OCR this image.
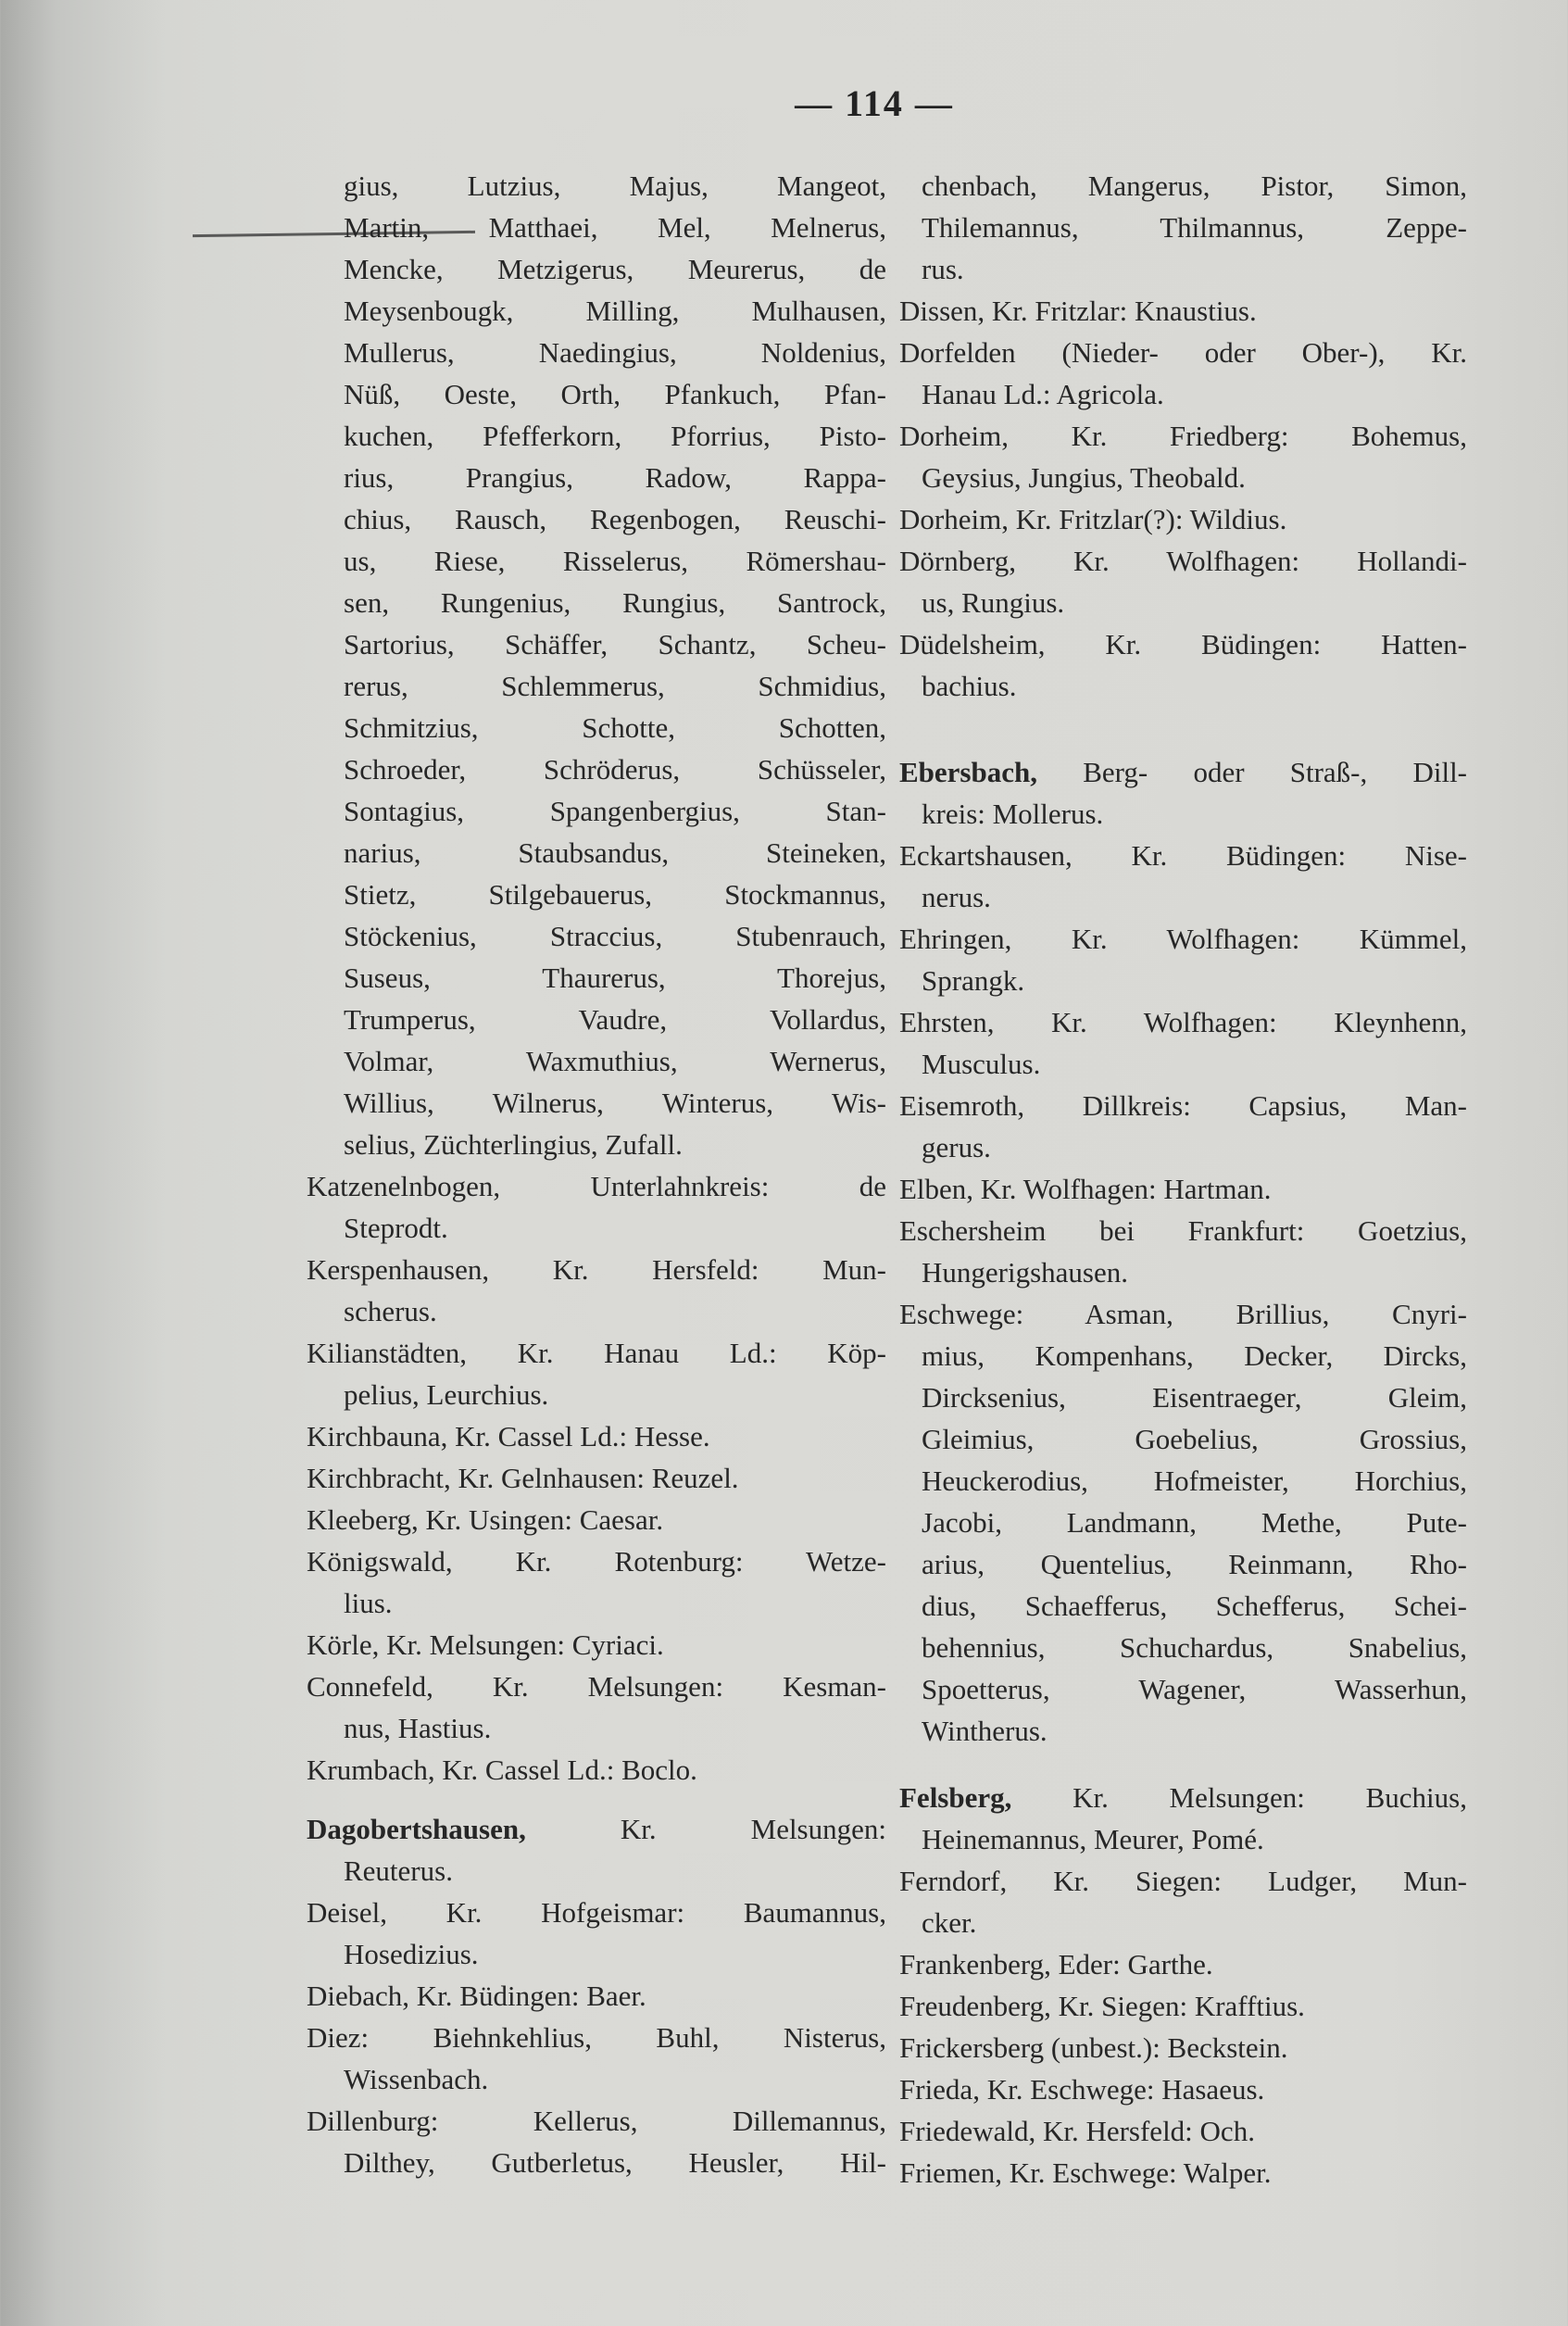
— 114 —
gius, Lutzius, Majus, Mangeot,
Martin, Matthaei, Mel, Melnerus,
Mencke, Metzigerus, Meurerus, de
Meysenbougk, Milling, Mulhausen,
Mullerus, Naedingius, Noldenius,
Nüß, Oeste, Orth, Pfankuch, Pfan-
kuchen, Pfefferkorn, Pforrius, Pisto-
rius, Prangius, Radow, Rappa-
chius, Rausch, Regenbogen, Reuschi-
us, Riese, Risselerus, Römershau-
sen, Rungenius, Rungius, Santrock,
Sartorius, Schäffer, Schantz, Scheu-
rerus, Schlemmerus, Schmidius,
Schmitzius, Schotte, Schotten,
Schroeder, Schröderus, Schüsseler,
Sontagius, Spangenbergius, Stan-
narius, Staubsandus, Steineken,
Stietz, Stilgebauerus, Stockmannus,
Stöckenius, Straccius, Stubenrauch,
Suseus, Thaurerus, Thorejus,
Trumperus, Vaudre, Vollardus,
Volmar, Waxmuthius, Wernerus,
Willius, Wilnerus, Winterus, Wis-
selius, Züchterlingius, Zufall.
Katzenelnbogen, Unterlahnkreis: de
Steprodt.
Kerspenhausen, Kr. Hersfeld: Mun-
scherus.
Kilianstädten, Kr. Hanau Ld.: Köp-
pelius, Leurchius.
Kirchbauna, Kr. Cassel Ld.: Hesse.
Kirchbracht, Kr. Gelnhausen: Reuzel.
Kleeberg, Kr. Usingen: Caesar.
Königswald, Kr. Rotenburg: Wetze-
lius.
Körle, Kr. Melsungen: Cyriaci.
Connefeld, Kr. Melsungen: Kesman-
nus, Hastius.
Krumbach, Kr. Cassel Ld.: Boclo.
Dagobertshausen,	Kr. Melsungen:
Reuterus.
Deisel, Kr. Hofgeismar: Baumannus,
Hosedizius.
Diebach, Kr. Büdingen: Baer.
Diez: Biehnkehlius, Buhl, Nisterus,
Wissenbach.
Dillenburg: Kellerus, Dillemannus,
Dilthey, Gutberletus, Heusler, Hil-
chenbach, Mangerus, Pistor, Simon,
Thilemannus, Thilmannus, Zeppe-
rus.
Dissen, Kr. Fritzlar: Knaustius.
Dorfelden (Nieder- oder Ober-), Kr.
Hanau Ld.: Agricola.
Dorheim, Kr. Friedberg: Bohemus,
Geysius, Jungius, Theobald.
Dorheim, Kr. Fritzlar(?): Wildius.
Dörnberg, Kr. Wolfhagen: Hollandi-
us, Rungius.
Düdelsheim, Kr. Büdingen: Hatten-
bachius.
Ebersbach, Berg- oder Straß-, Dill-
kreis: Mollerus.
Eckartshausen, Kr. Büdingen: Nise-
nerus.
Ehringen, Kr. Wolfhagen: Kümmel,
Sprangk.
Ehrsten, Kr. Wolfhagen: Kleynhenn,
Musculus.
Eisemroth, Dillkreis: Capsius, Man-
gerus.
Elben, Kr. Wolfhagen: Hartman.
Eschersheim bei Frankfurt: Goetzius,
Hungerigshausen.
Eschwege: Asman, Brillius, Cnyri-
mius, Kompenhans, Decker, Dircks,
Dircksenius, Eisentraeger, Gleim,
Gleimius, Goebelius, Grossius,
Heuckerodius, Hofmeister, Horchius,
Jacobi, Landmann, Methe, Pute-
arius, Quentelius, Reinmann, Rho-
dius, Schaefferus, Schefferus, Schei-
behennius, Schuchardus, Snabelius,
Spoetterus, Wagener, Wasserhun,
Wintherus.
Felsberg, Kr. Melsungen: Buchius,
Heinemannus, Meurer, Pomé.
Ferndorf, Kr. Siegen: Ludger, Mun-
cker.
Frankenberg, Eder: Garthe.
Freudenberg, Kr. Siegen: Krafftius.
Frickersberg (unbest.): Beckstein.
Frieda, Kr. Eschwege: Hasaeus.
Friedewald, Kr. Hersfeld: Och.
Friemen, Kr. Eschwege: Walper.
